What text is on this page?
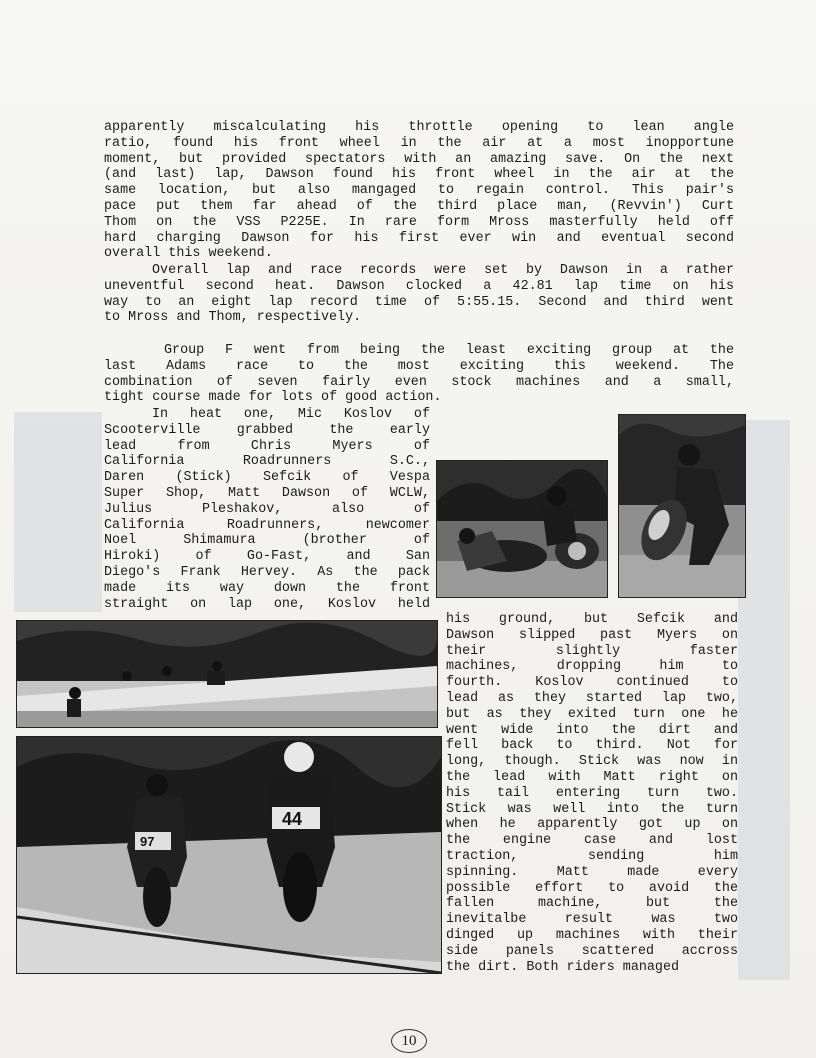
apparently miscalculating his throttle opening to lean angle
ratio, found his front wheel in the air at a most inopportune
moment, but provided spectators with an amazing save. On the next
(and last) lap, Dawson found his front wheel in the air at the
same location, but also mangaged to regain control. This pair's
pace put them far ahead of the third place man, (Revvin') Curt
Thom on the VSS P225E. In rare form Mross masterfully held off
hard charging Dawson for his first ever win and eventual second
overall this weekend.
Overall lap and race records were set by Dawson in a rather
uneventful second heat. Dawson clocked a 42.81 lap time on his
way to an eight lap record time of 5:55.15. Second and third went
to Mross and Thom, respectively.
Group F went from being the least exciting group at the
last Adams race to the most exciting this weekend. The
combination of seven fairly even stock machines and a small,
tight course made for lots of good action.
In heat one, Mic Koslov of
Scooterville grabbed the early
lead from Chris Myers of
California Roadrunners S.C.,
Daren (Stick) Sefcik of Vespa
Super Shop, Matt Dawson of WCLW,
Julius Pleshakov, also of
California Roadrunners, newcomer
Noel Shimamura (brother of
Hiroki) of Go-Fast, and San
Diego's Frank Hervey. As the pack
made its way down the front
straight on lap one, Koslov held
his ground, but Sefcik and
Dawson slipped past Myers on
their slightly faster
machines, dropping him to
fourth. Koslov continued to
lead as they started lap two,
but as they exited turn one he
went wide into the dirt and
fell back to third. Not for
long, though. Stick was now in
the lead with Matt right on
his tail entering turn two.
Stick was well into the turn
when he apparently got up on
the engine case and lost
traction, sending him
spinning. Matt made every
possible effort to avoid the
fallen machine, but the
inevitalbe result was two
dinged up machines with their
side panels scattered accross
the dirt. Both riders managed
97
44
10
